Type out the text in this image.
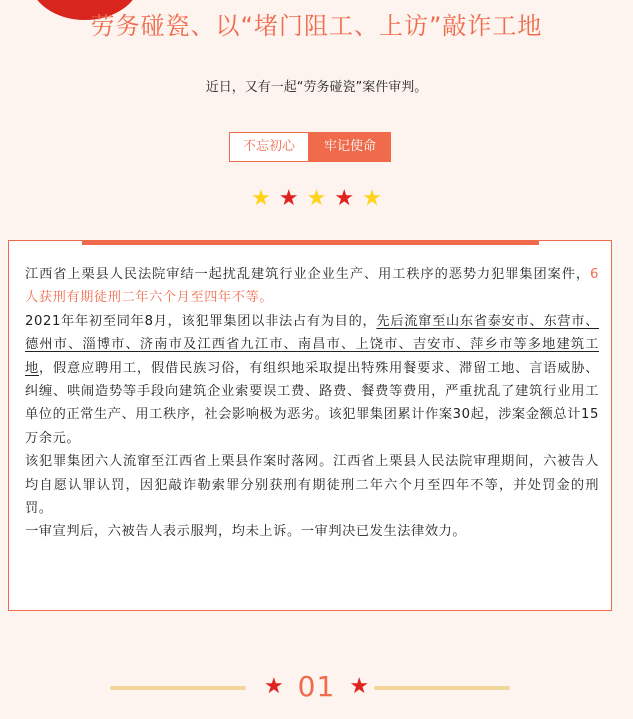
劳务碰瓷、以“堵门阻工、上访”敲诈工地
近日，又有一起“劳务碰瓷”案件审判。
不忘初心	牢记使命
★ ★ ★ ★ ★

江西省上栗县人民法院审结一起扰乱建筑行业企业生产、用工秩序的恶势力犯罪集团案件，6人获刑有期徒刑二年六个月至四年不等。

2021年年初至同年8月，该犯罪集团以非法占有为目的，先后流窜至山东省泰安市、东营市、德州市、淄博市、济南市及江西省九江市、南昌市、上饶市、吉安市、萍乡市等多地建筑工地，假意应聘用工，假借民族习俗，有组织地采取提出特殊用餐要求、滞留工地、言语威胁、纠缠、哄闹造势等手段向建筑企业索要误工费、路费、餐费等费用，严重扰乱了建筑行业用工单位的正常生产、用工秩序，社会影响极为恶劣。该犯罪集团累计作案30起，涉案金额总计15万余元。

该犯罪集团六人流窜至江西省上栗县作案时落网。江西省上栗县人民法院审理期间，六被告人均自愿认罪认罚，因犯敲诈勒索罪分别获刑有期徒刑二年六个月至四年不等，并处罚金的刑罚。

一审宣判后，六被告人表示服判，均未上诉。一审判决已发生法律效力。

★ 01 ★
